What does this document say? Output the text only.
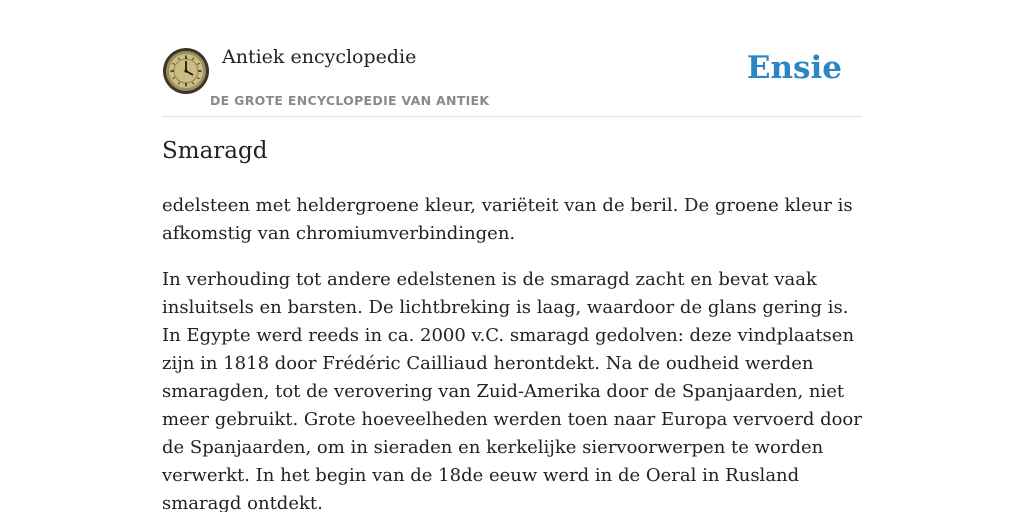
Antiek encyclopedie
DE GROTE ENCYCLOPEDIE VAN ANTIEK
Ensie
Smaragd

edelsteen met heldergroene kleur, variëteit van de beril. De groene kleur is afkomstig van chromiumverbindingen.

In verhouding tot andere edelstenen is de smaragd zacht en bevat vaak insluitsels en barsten. De lichtbreking is laag, waardoor de glans gering is. In Egypte werd reeds in ca. 2000 v.C. smaragd gedolven: deze vindplaatsen zijn in 1818 door Frédéric Cailliaud herontdekt. Na de oudheid werden smaragden, tot de verovering van Zuid-Amerika door de Spanjaarden, niet meer gebruikt. Grote hoeveelheden werden toen naar Europa vervoerd door de Spanjaarden, om in sieraden en kerkelijke siervoorwerpen te worden verwerkt. In het begin van de 18de eeuw werd in de Oeral in Rusland smaragd ontdekt.
